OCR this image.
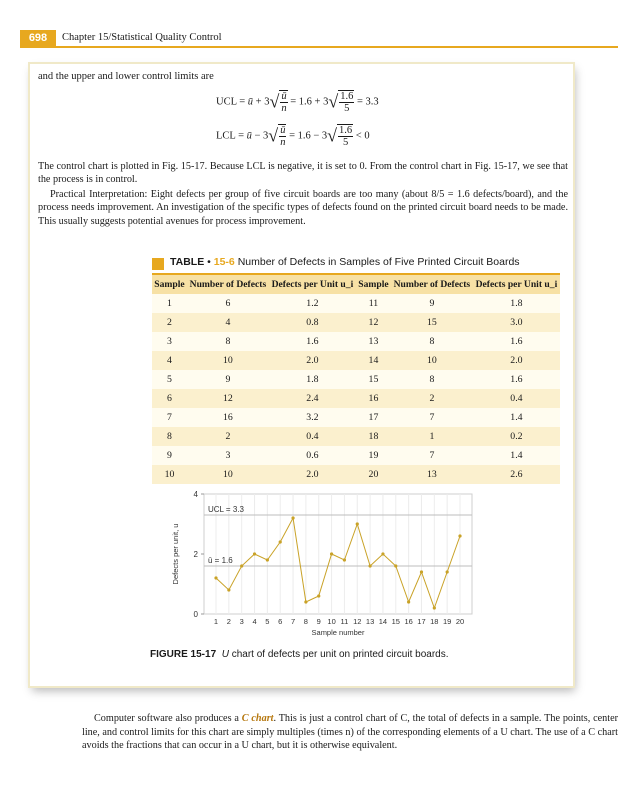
698	Chapter 15/Statistical Quality Control
and the upper and lower control limits are
UCL = ū + $3√ \frac{ū}{n} = 1.6 + 3√ \frac{1.6}{5} = 3.3$
LCL = ū − $3√ \frac{ū}{n} = 1.6 - 3√ \frac{1.6}{5} < 0$
The control chart is plotted in Fig. 15-17. Because LCL is negative, it is set to 0. From the control chart in Fig. 15-17, we see that the process is in control.
Practical Interpretation: Eight defects per group of five circuit boards are too many (about 8/5 = 1.6 defects/board), and the process needs improvement. An investigation of the specific types of defects found on the printed circuit board needs to be made. This usually suggests potential avenues for process improvement.
TABLE • 15-6 Number of Defects in Samples of Five Printed Circuit Boards
Sample	Number of Defects	Defects per Unit u_i	Sample	Number of Defects	Defects per Unit u_i
1	6	1.2	11	9	1.8
2	4	0.8	12	15	3.0
3	8	1.6	13	8	1.6
4	10	2.0	14	10	2.0
5	9	1.8	15	8	1.6
6	12	2.4	16	2	0.4
7	16	3.2	17	7	1.4
8	2	0.4	18	1	0.2
9	3	0.6	19	7	1.4
10	10	2.0	20	13	2.6
0
2
4
1 2 3 4 5 6 7 8 9 10 11 12 13 14 15 16 17 18 19 20
UCL = 3.3
ū = 1.6
Sample number
Defects per unit, u
FIGURE 15-17 U chart of defects per unit on printed circuit boards.
Computer software also produces a C chart. This is just a control chart of C, the total of defects in a sample. The points, center line, and control limits for this chart are simply multiples (times n) of the corresponding elements of a U chart. The use of a C chart avoids the fractions that can occur in a U chart, but it is otherwise equivalent.
